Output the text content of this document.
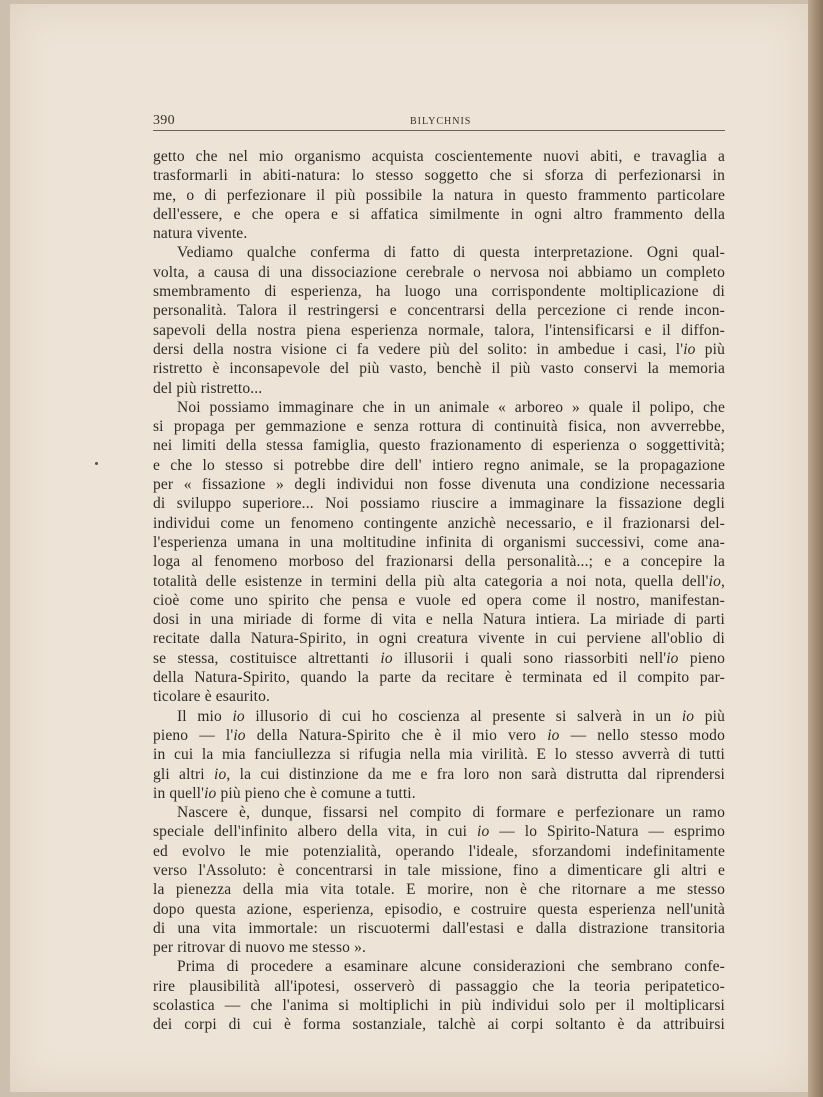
390	BILYCHNIS
getto che nel mio organismo acquista coscientemente nuovi abiti, e travaglia a
trasformarli in abiti-natura: lo stesso soggetto che si sforza di perfezionarsi in
me, o di perfezionare il più possibile la natura in questo frammento particolare
dell'essere, e che opera e si affatica similmente in ogni altro frammento della
natura vivente.
Vediamo qualche conferma di fatto di questa interpretazione. Ogni qual-
volta, a causa di una dissociazione cerebrale o nervosa noi abbiamo un completo
smembramento di esperienza, ha luogo una corrispondente moltiplicazione di
personalità. Talora il restringersi e concentrarsi della percezione ci rende incon-
sapevoli della nostra piena esperienza normale, talora, l'intensificarsi e il diffon-
dersi della nostra visione ci fa vedere più del solito: in ambedue i casi, l'io più
ristretto è inconsapevole del più vasto, benchè il più vasto conservi la memoria
del più ristretto...
Noi possiamo immaginare che in un animale « arboreo » quale il polipo, che
si propaga per gemmazione e senza rottura di continuità fisica, non avverrebbe,
nei limiti della stessa famiglia, questo frazionamento di esperienza o soggettività;
e che lo stesso si potrebbe dire dell' intiero regno animale, se la propagazione
per « fissazione » degli individui non fosse divenuta una condizione necessaria
di sviluppo superiore... Noi possiamo riuscire a immaginare la fissazione degli
individui come un fenomeno contingente anzichè necessario, e il frazionarsi del-
l'esperienza umana in una moltitudine infinita di organismi successivi, come ana-
loga al fenomeno morboso del frazionarsi della personalità...; e a concepire la
totalità delle esistenze in termini della più alta categoria a noi nota, quella dell'io,
cioè come uno spirito che pensa e vuole ed opera come il nostro, manifestan-
dosi in una miriade di forme di vita e nella Natura intiera. La miriade di parti
recitate dalla Natura-Spirito, in ogni creatura vivente in cui perviene all'oblio di
se stessa, costituisce altrettanti io illusorii i quali sono riassorbiti nell'io pieno
della Natura-Spirito, quando la parte da recitare è terminata ed il compito par-
ticolare è esaurito.
Il mio io illusorio di cui ho coscienza al presente si salverà in un io più
pieno — l'io della Natura-Spirito che è il mio vero io — nello stesso modo
in cui la mia fanciullezza si rifugia nella mia virilità. E lo stesso avverrà di tutti
gli altri io, la cui distinzione da me e fra loro non sarà distrutta dal riprendersi
in quell'io più pieno che è comune a tutti.
Nascere è, dunque, fissarsi nel compito di formare e perfezionare un ramo
speciale dell'infinito albero della vita, in cui io — lo Spirito-Natura — esprimo
ed evolvo le mie potenzialità, operando l'ideale, sforzandomi indefinitamente
verso l'Assoluto: è concentrarsi in tale missione, fino a dimenticare gli altri e
la pienezza della mia vita totale. E morire, non è che ritornare a me stesso
dopo questa azione, esperienza, episodio, e costruire questa esperienza nell'unità
di una vita immortale: un riscuotermi dall'estasi e dalla distrazione transitoria
per ritrovar di nuovo me stesso ».
Prima di procedere a esaminare alcune considerazioni che sembrano confe-
rire plausibilità all'ipotesi, osserverò di passaggio che la teoria peripatetico-
scolastica — che l'anima si moltiplichi in più individui solo per il moltiplicarsi
dei corpi di cui è forma sostanziale, talchè ai corpi soltanto è da attribuirsi
